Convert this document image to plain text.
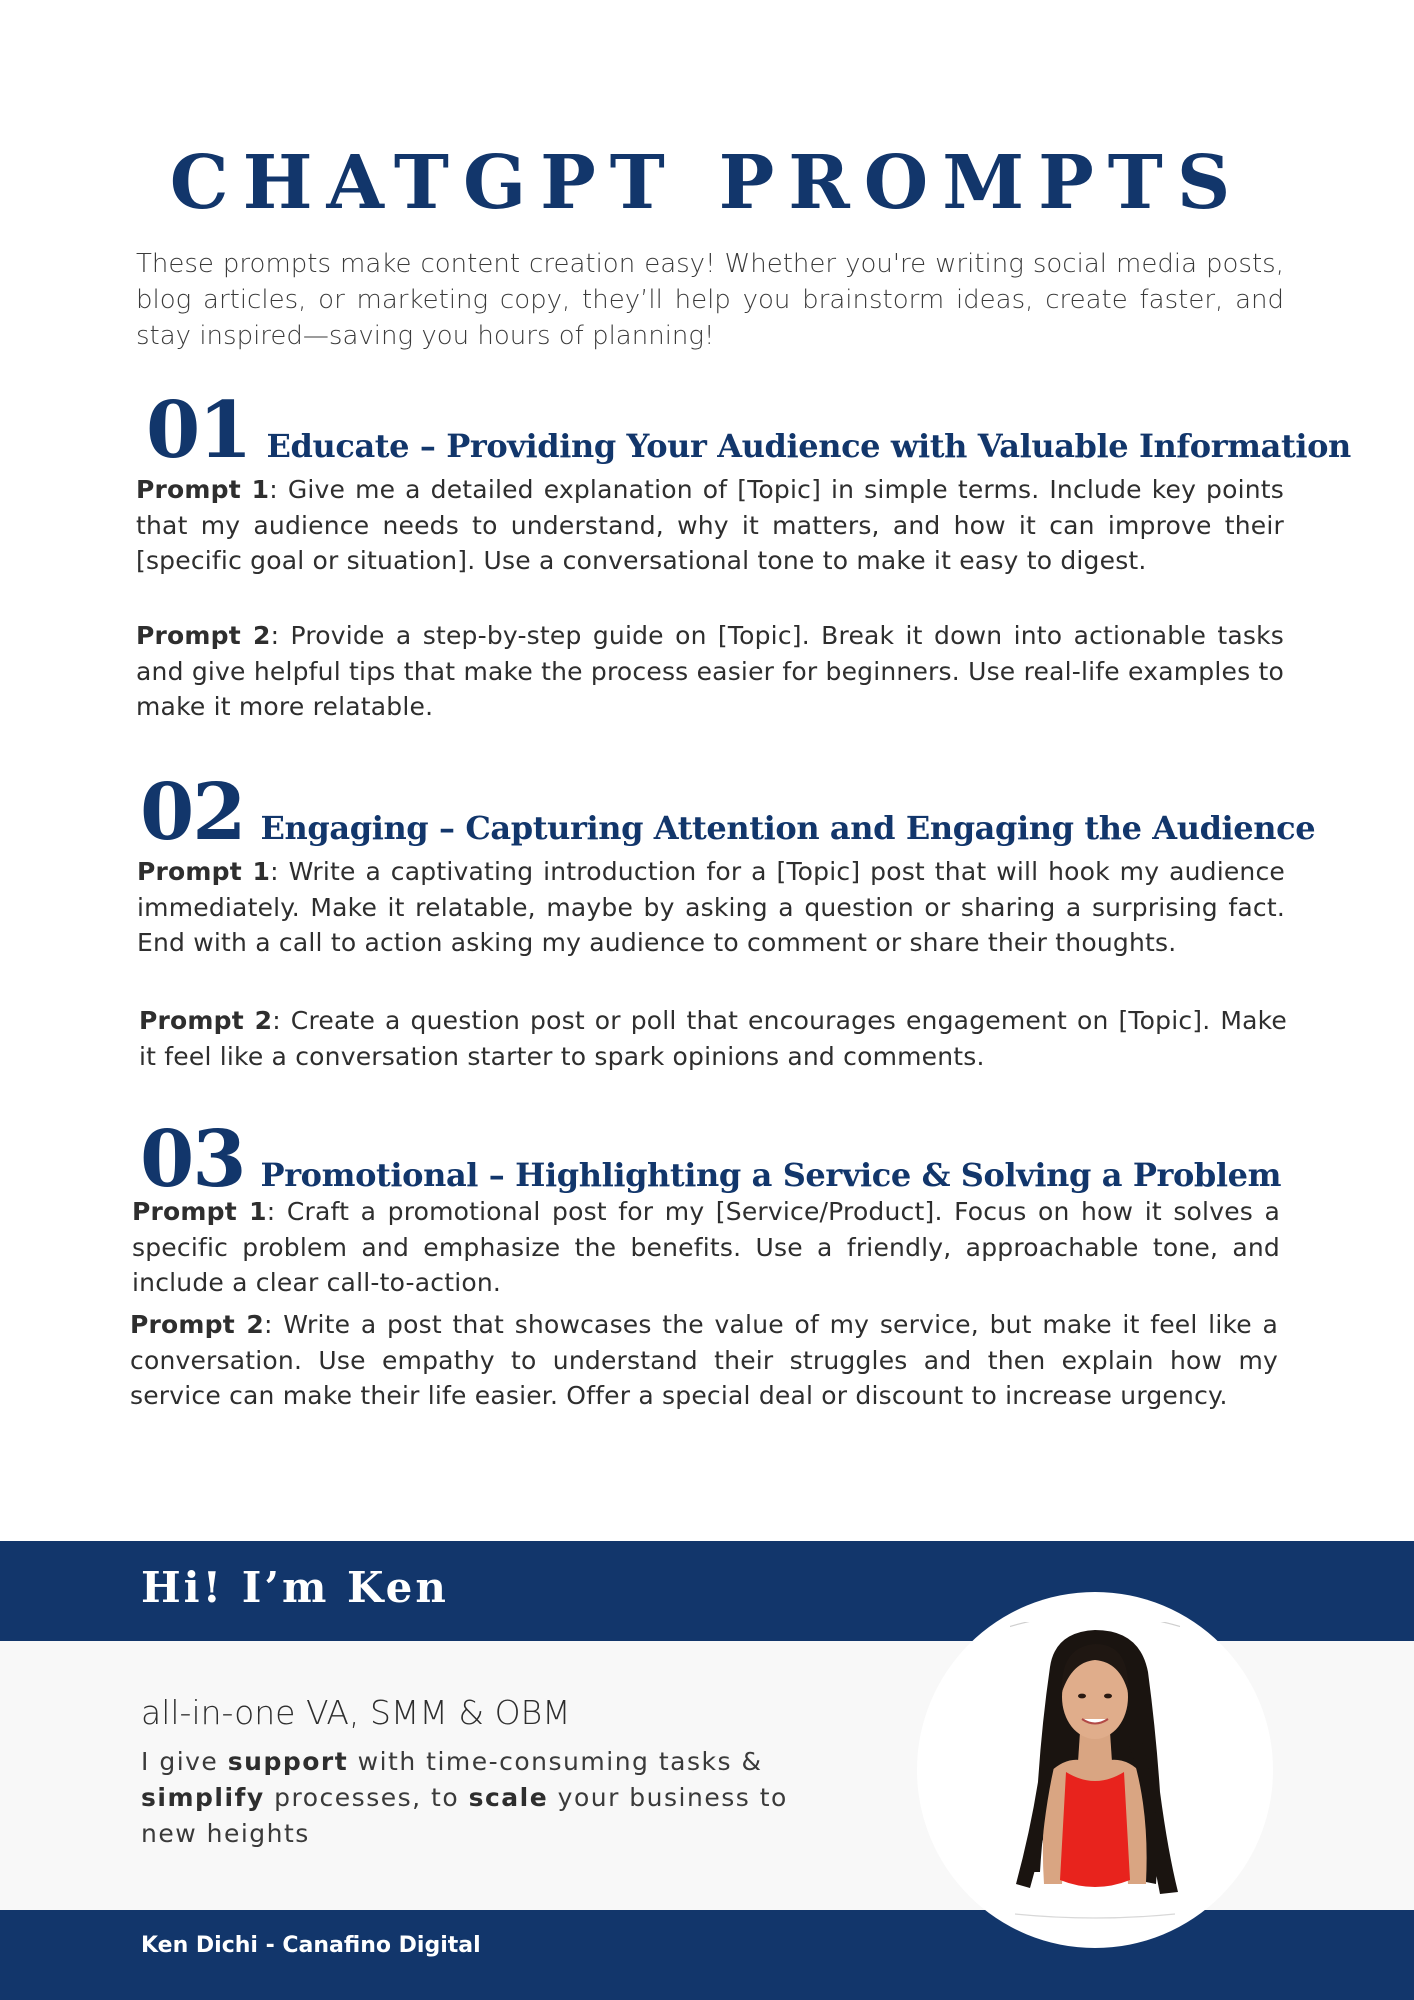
CHATGPT PROMPTS

These prompts make content creation easy! Whether you're writing social media posts, blog articles, or marketing copy, they’ll help you brainstorm ideas, create faster, and stay inspired—saving you hours of planning!

01 Educate – Providing Your Audience with Valuable Information

Prompt 1: Give me a detailed explanation of [Topic] in simple terms. Include key points that my audience needs to understand, why it matters, and how it can improve their [specific goal or situation]. Use a conversational tone to make it easy to digest.

Prompt 2: Provide a step-by-step guide on [Topic]. Break it down into actionable tasks and give helpful tips that make the process easier for beginners. Use real-life examples to make it more relatable.

02 Engaging – Capturing Attention and Engaging the Audience

Prompt 1: Write a captivating introduction for a [Topic] post that will hook my audience immediately. Make it relatable, maybe by asking a question or sharing a surprising fact. End with a call to action asking my audience to comment or share their thoughts.

Prompt 2: Create a question post or poll that encourages engagement on [Topic]. Make it feel like a conversation starter to spark opinions and comments.

03 Promotional – Highlighting a Service & Solving a Problem

Prompt 1: Craft a promotional post for my [Service/Product]. Focus on how it solves a specific problem and emphasize the benefits. Use a friendly, approachable tone, and include a clear call-to-action.

Prompt 2: Write a post that showcases the value of my service, but make it feel like a conversation. Use empathy to understand their struggles and then explain how my service can make their life easier. Offer a special deal or discount to increase urgency.

Hi! I’m Ken

all-in-one VA, SMM & OBM

I give support with time-consuming tasks & simplify processes, to scale your business to new heights

Ken Dichi - Canafino Digital
